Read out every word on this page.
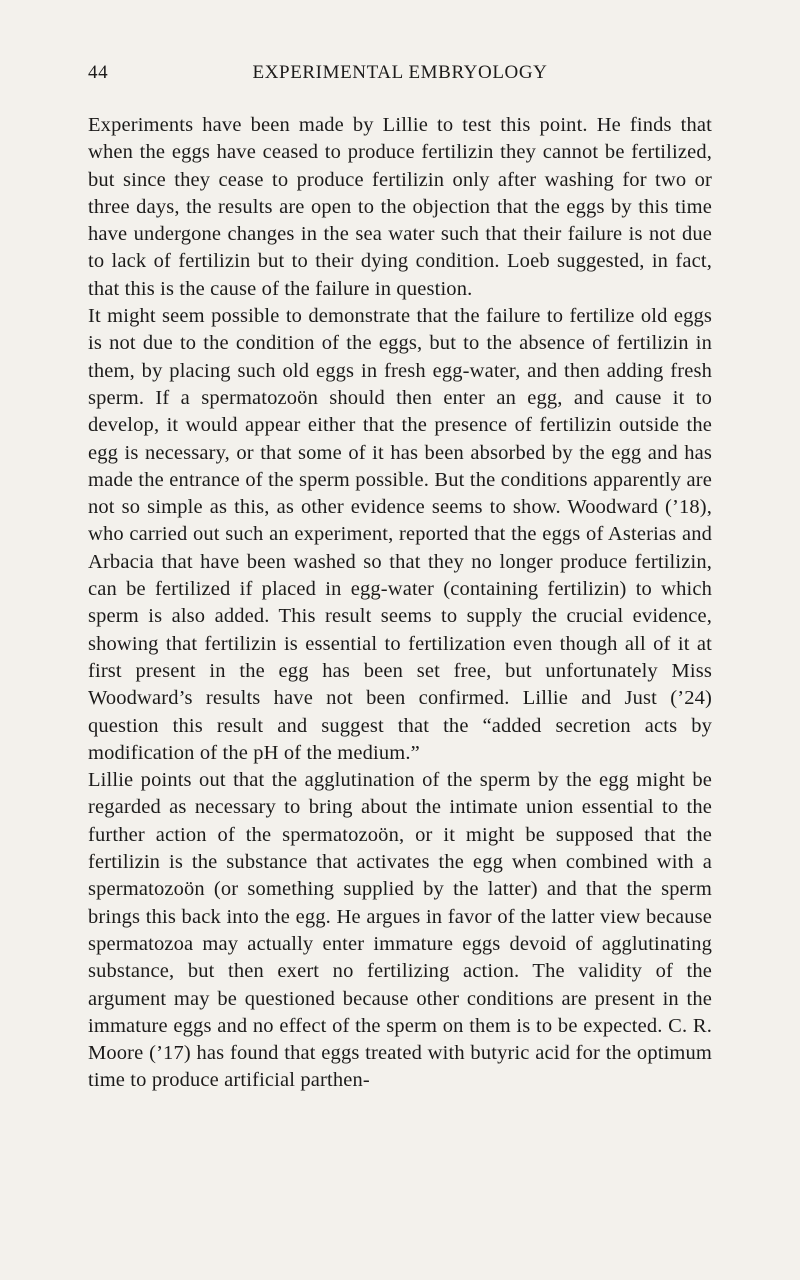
44	EXPERIMENTAL EMBRYOLOGY

Experiments have been made by Lillie to test this point. He finds that when the eggs have ceased to produce fertilizin they cannot be fertilized, but since they cease to produce fertilizin only after washing for two or three days, the results are open to the objection that the eggs by this time have undergone changes in the sea water such that their failure is not due to lack of fertilizin but to their dying condition. Loeb suggested, in fact, that this is the cause of the failure in question.

It might seem possible to demonstrate that the failure to fertilize old eggs is not due to the condition of the eggs, but to the absence of fertilizin in them, by placing such old eggs in fresh egg-water, and then adding fresh sperm. If a spermatozoön should then enter an egg, and cause it to develop, it would appear either that the presence of fertilizin outside the egg is necessary, or that some of it has been absorbed by the egg and has made the entrance of the sperm possible. But the conditions apparently are not so simple as this, as other evidence seems to show. Woodward (’18), who carried out such an experiment, reported that the eggs of Asterias and Arbacia that have been washed so that they no longer produce fertilizin, can be fertilized if placed in egg-water (containing fertilizin) to which sperm is also added. This result seems to supply the crucial evidence, showing that fertilizin is essential to fertilization even though all of it at first present in the egg has been set free, but unfortunately Miss Woodward’s results have not been confirmed. Lillie and Just (’24) question this result and suggest that the “added secretion acts by modification of the pH of the medium.”

Lillie points out that the agglutination of the sperm by the egg might be regarded as necessary to bring about the intimate union essential to the further action of the spermatozoön, or it might be supposed that the fertilizin is the substance that activates the egg when combined with a spermatozoön (or something supplied by the latter) and that the sperm brings this back into the egg. He argues in favor of the latter view because spermatozoa may actually enter immature eggs devoid of agglutinating substance, but then exert no fertilizing action. The validity of the argument may be questioned because other conditions are present in the immature eggs and no effect of the sperm on them is to be expected. C. R. Moore (’17) has found that eggs treated with butyric acid for the optimum time to produce artificial parthen-
